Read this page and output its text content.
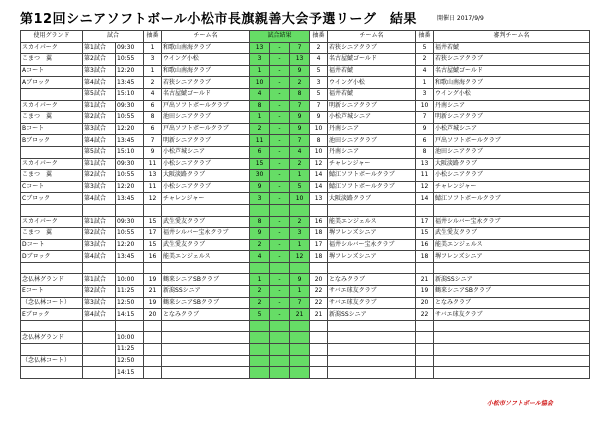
第12回シニアソフトボール小松市長旗親善大会予選リーグ　結果	開催日 2017/9/9
使用グランド	試合		抽番	チーム名	試合結果			抽番	チーム名	抽番	審判チーム名
スカイパーク	第1試合	09:30	1	和歌山南海クラブ	13	-	7	2	若狭シニアクラブ	5	福井若鯱
こまつ　翼	第2試合	10:55	3	ウイング小松	3	-	13	4	名古屋鯱ゴールド	2	若狭シニアクラブ
Aコート	第3試合	12:20	1	和歌山南海クラブ	1	-	9	5	福井若鯱	4	名古屋鯱ゴールド
Aブロック	第4試合	13:45	2	若狭シニアクラブ	10	-	2	3	ウイング小松	1	和歌山南海クラブ
	第5試合	15:10	4	名古屋鯱ゴールド	4	-	8	5	福井若鯱	3	ウイング小松
スカイパーク	第1試合	09:30	6	戸出ソフトボールクラブ	8	-	7	7	明新シニアクラブ	10	丹南シニア
こまつ　翼	第2試合	10:55	8	池田シニアクラブ	1	-	9	9	小松芦城シニア	7	明新シニアクラブ
Bコート	第3試合	12:20	6	戸出ソフトボールクラブ	2	-	9	10	丹南シニア	9	小松芦城シニア
Bブロック	第4試合	13:45	7	明新シニアクラブ	11	-	7	8	池田シニアクラブ	6	戸出ソフトボールクラブ
	第5試合	15:10	9	小松芦城シニア	6	-	4	10	丹南シニア	8	池田シニアクラブ
スカイパーク	第1試合	09:30	11	小松シニアクラブ	15	-	2	12	チャレンジャー	13	大阪淡路クラブ
こまつ　翼	第2試合	10:55	13	大阪淡路クラブ	30	-	1	14	鯖江ソフトボールクラブ	11	小松シニアクラブ
Cコート	第3試合	12:20	11	小松シニアクラブ	9	-	5	14	鯖江ソフトボールクラブ	12	チャレンジャー
Cブロック	第4試合	13:45	12	チャレンジャー	3	-	10	13	大阪淡路クラブ	14	鯖江ソフトボールクラブ

スカイパーク	第1試合	09:30	15	武生愛友クラブ	8	-	2	16	能美エンジェルス	17	福井シルバー宝永クラブ
こまつ　翼	第2試合	10:55	17	福井シルバー宝永クラブ	9	-	3	18	堺フレンズシニア	15	武生愛友クラブ
Dコート	第3試合	12:20	15	武生愛友クラブ	2	-	1	17	福井シルバー宝永クラブ	16	能美エンジェルス
Dブロック	第4試合	13:45	16	能美エンジェルス	4	-	12	18	堺フレンズシニア	18	堺フレンズシニア

念仏林グランド	第1試合	10:00	19	鶴来シニアSBクラブ	1	-	9	20	となみクラブ	21	新潟SSシニア
Eコート	第2試合	11:25	21	新潟SSシニア	2	-	1	22	サバエ球友クラブ	19	鶴来シニアSBクラブ
（念仏林コート）	第3試合	12:50	19	鶴来シニアSBクラブ	2	-	7	22	サバエ球友クラブ	20	となみクラブ
Eブロック	第4試合	14:15	20	となみクラブ	5	-	21	21	新潟SSシニア	22	サバエ球友クラブ

念仏林グランド		10:00									
		11:25									
（念仏林コート）		12:50									
		14:15									
小松市ソフトボール協会
